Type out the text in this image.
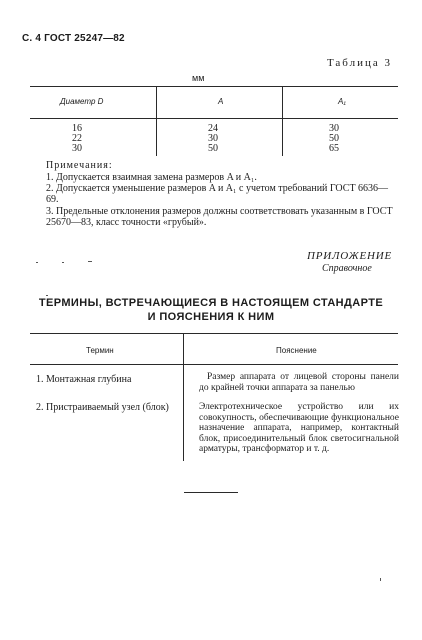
С. 4 ГОСТ 25247—82
Таблица 3
мм
Диаметр D	A	A₁
16	24	30
22	30	50
30	50	65
Примечания:
1. Допускается взаимная замена размеров A и A₁.
2. Допускается уменьшение размеров A и A₁ с учетом требований ГОСТ 6636—69.
3. Предельные отклонения размеров должны соответствовать указанным в ГОСТ 25670—83, класс точности «грубый».
ПРИЛОЖЕНИЕ
Справочное
ТЕРМИНЫ, ВСТРЕЧАЮЩИЕСЯ В НАСТОЯЩЕМ СТАНДАРТЕ
И ПОЯСНЕНИЯ К НИМ
Термин	Пояснение
1. Монтажная глубина	Размер аппарата от лицевой стороны панели до крайней точки аппарата за панелью
2. Пристраиваемый узел (блок)	Электротехническое устройство или их совокупность, обеспечивающие функциональное назначение аппарата, например, контактный блок, присоединительный блок светосигнальной арматуры, трансформатор и т. д.
